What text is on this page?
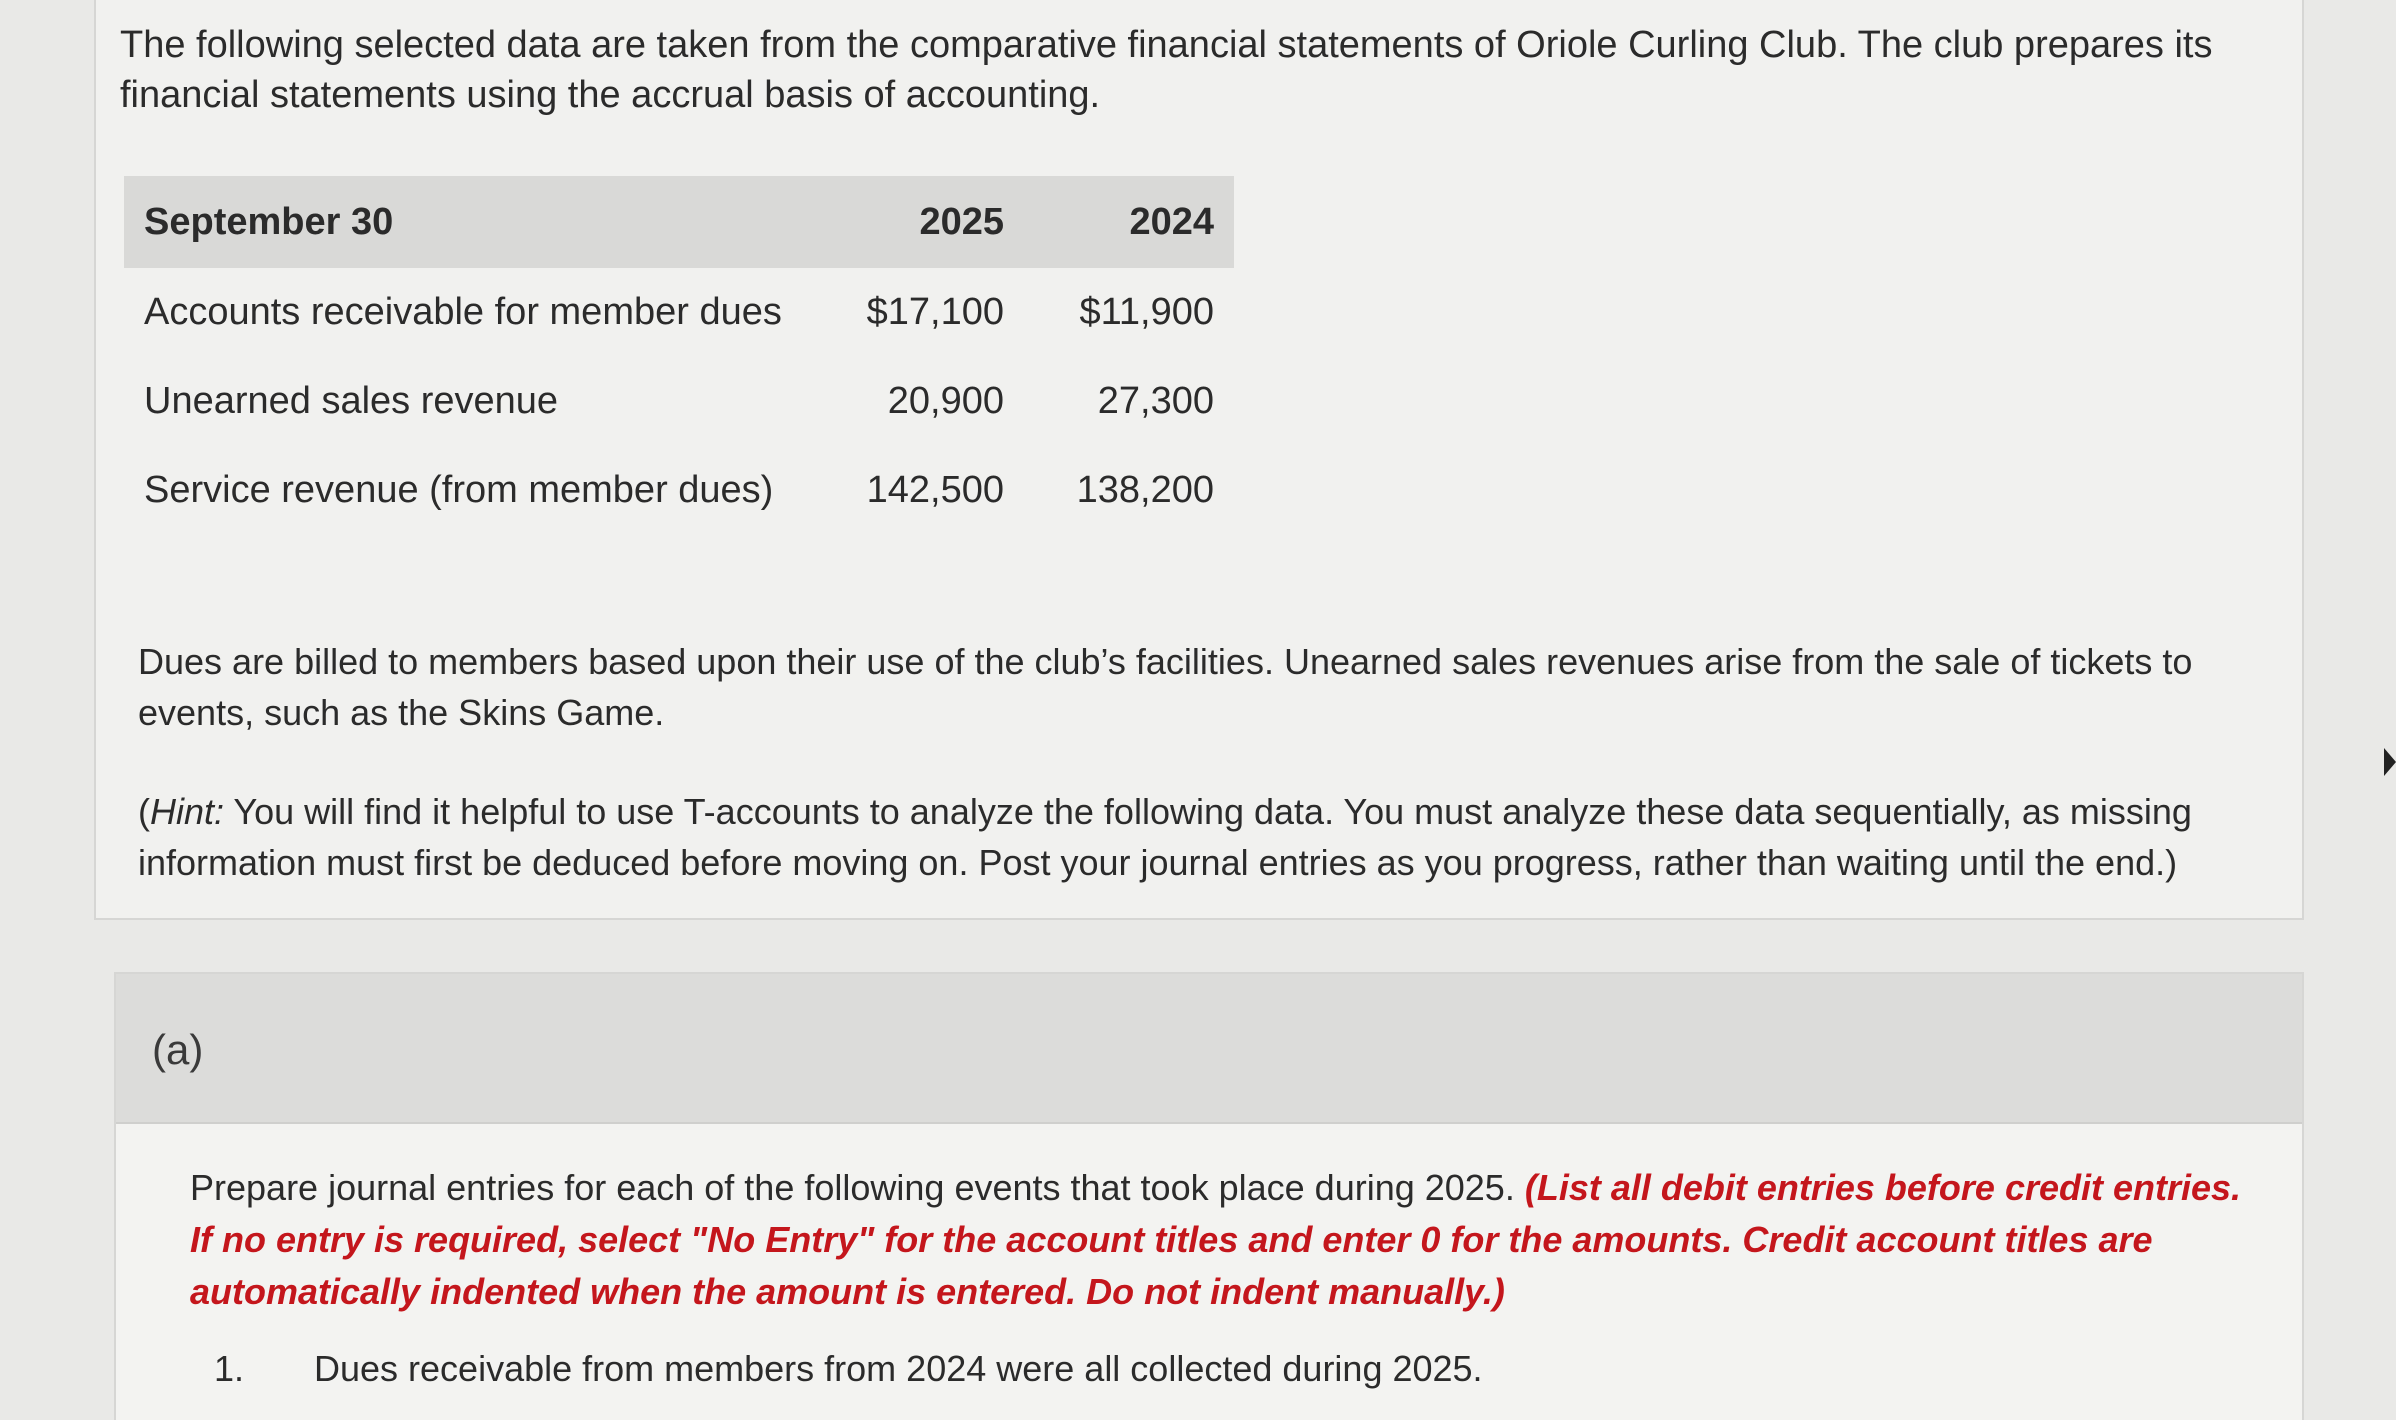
The following selected data are taken from the comparative financial statements of Oriole Curling Club. The club prepares its financial statements using the accrual basis of accounting.

September 30	2025	2024
Accounts receivable for member dues	$17,100	$11,900
Unearned sales revenue	20,900	27,300
Service revenue (from member dues)	142,500	138,200

Dues are billed to members based upon their use of the club’s facilities. Unearned sales revenues arise from the sale of tickets to events, such as the Skins Game.

(Hint: You will find it helpful to use T-accounts to analyze the following data. You must analyze these data sequentially, as missing information must first be deduced before moving on. Post your journal entries as you progress, rather than waiting until the end.)

(a)

Prepare journal entries for each of the following events that took place during 2025. (List all debit entries before credit entries. If no entry is required, select "No Entry" for the account titles and enter 0 for the amounts. Credit account titles are automatically indented when the amount is entered. Do not indent manually.)

1. Dues receivable from members from 2024 were all collected during 2025.
